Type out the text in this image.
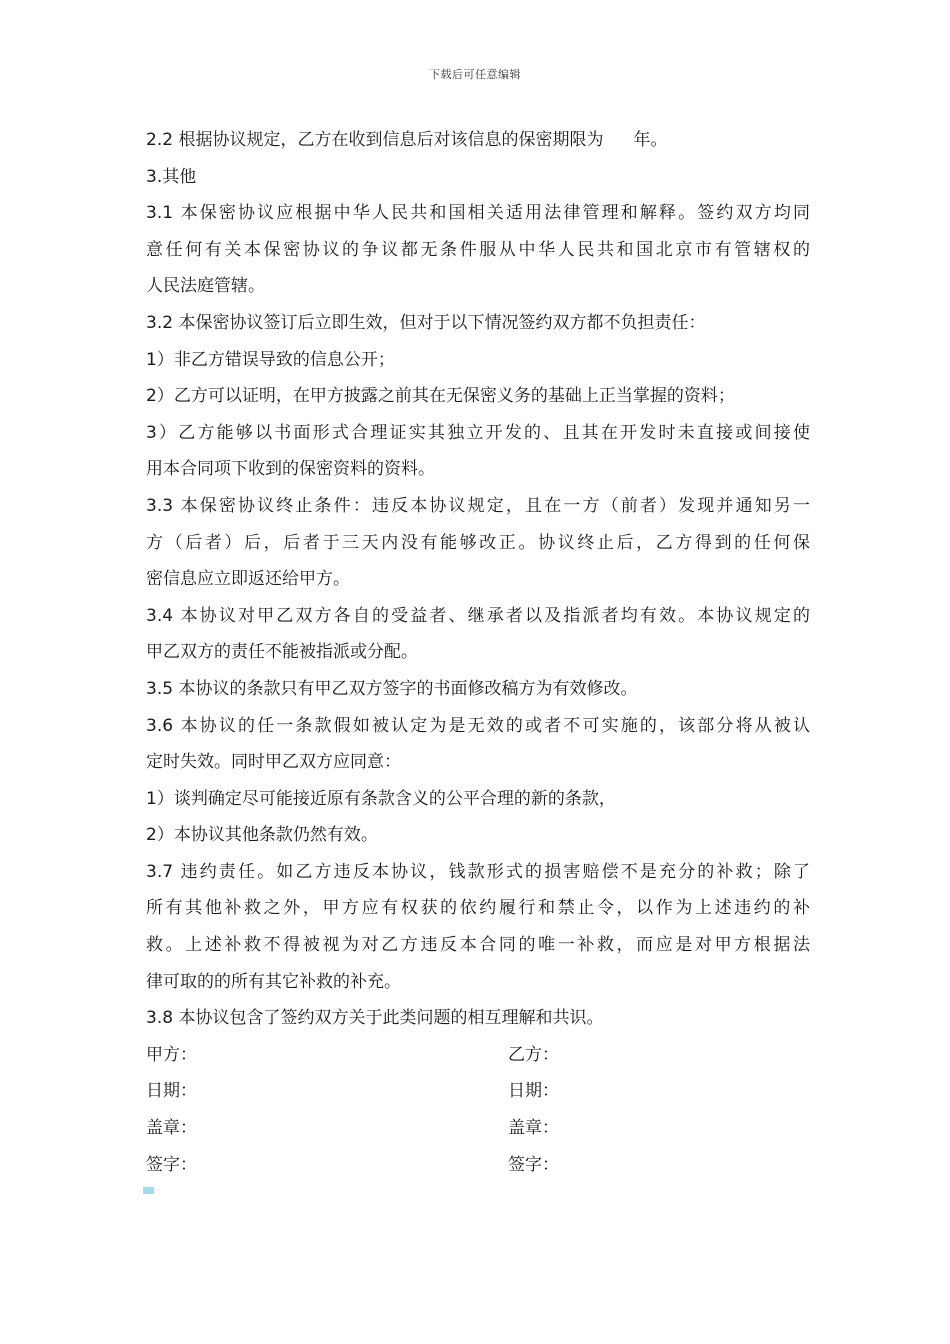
下载后可任意编辑
2.2 根据协议规定，乙方在收到信息后对该信息的保密期限为 年。
3.其他
3.1 本保密协议应根据中华人民共和国相关适用法律管理和解释。签约双方均同
意任何有关本保密协议的争议都无条件服从中华人民共和国北京市有管辖权的
人民法庭管辖。
3.2 本保密协议签订后立即生效，但对于以下情况签约双方都不负担责任：
1）非乙方错误导致的信息公开；
2）乙方可以证明，在甲方披露之前其在无保密义务的基础上正当掌握的资料；
3）乙方能够以书面形式合理证实其独立开发的、且其在开发时未直接或间接使
用本合同项下收到的保密资料的资料。
3.3 本保密协议终止条件：违反本协议规定，且在一方（前者）发现并通知另一
方（后者）后，后者于三天内没有能够改正。协议终止后，乙方得到的任何保
密信息应立即返还给甲方。
3.4 本协议对甲乙双方各自的受益者、继承者以及指派者均有效。本协议规定的
甲乙双方的责任不能被指派或分配。
3.5 本协议的条款只有甲乙双方签字的书面修改稿方为有效修改。
3.6 本协议的任一条款假如被认定为是无效的或者不可实施的，该部分将从被认
定时失效。同时甲乙双方应同意：
1）谈判确定尽可能接近原有条款含义的公平合理的新的条款，
2）本协议其他条款仍然有效。
3.7 违约责任。如乙方违反本协议，钱款形式的损害赔偿不是充分的补救；除了
所有其他补救之外，甲方应有权获的依约履行和禁止令，以作为上述违约的补
救。上述补救不得被视为对乙方违反本合同的唯一补救，而应是对甲方根据法
律可取的的所有其它补救的补充。
3.8 本协议包含了签约双方关于此类问题的相互理解和共识。
甲方：	乙方：
日期：	日期：
盖章：	盖章：
签字：	签字：
